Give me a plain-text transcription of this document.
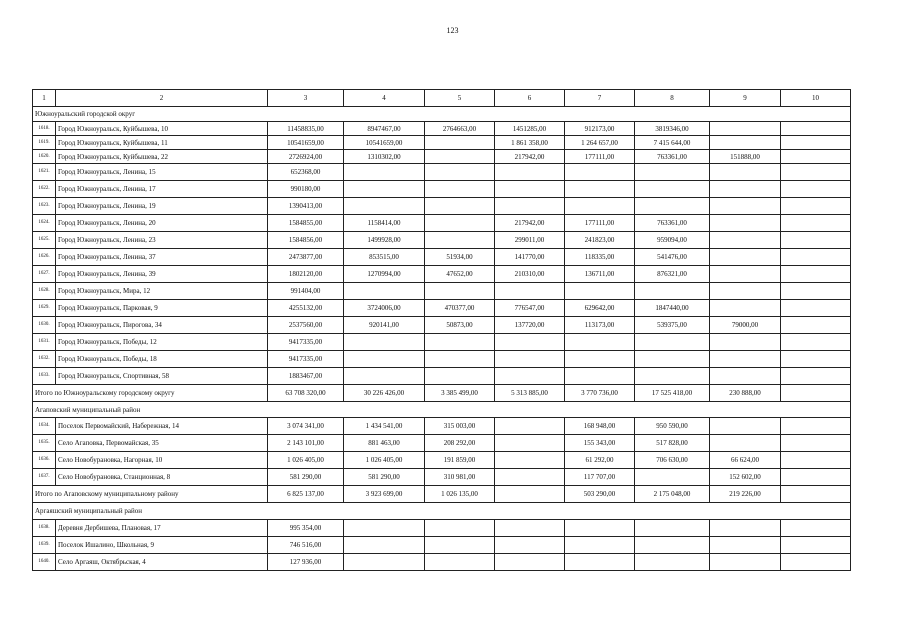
123
1	2	3	4	5	6	7	8	9	10
Южноуральский городской округ									
1618.	Город Южноуральск, Куйбышева, 10	11458835,00	8947467,00	2764663,00	1451285,00	912173,00	3819346,00		
1619.	Город Южноуральск, Куйбышева, 11	10541659,00	10541659,00		1 861 358,00	1 264 657,00	7 415 644,00		
1620.	Город Южноуральск, Куйбышева, 22	2726924,00	1310302,00		217942,00	177111,00	763361,00	151888,00	
1621.	Город Южноуральск, Ленина, 15	652368,00							
1622.	Город Южноуральск, Ленина, 17	990180,00							
1623.	Город Южноуральск, Ленина, 19	1390413,00							
1624.	Город Южноуральск, Ленина, 20	1584855,00	1158414,00		217942,00	177111,00	763361,00		
1625.	Город Южноуральск, Ленина, 23	1584856,00	1499928,00		299011,00	241823,00	959094,00		
1626.	Город Южноуральск, Ленина, 37	2473877,00	853515,00	51934,00	141770,00	118335,00	541476,00		
1627.	Город Южноуральск, Ленина, 39	1802120,00	1270994,00	47652,00	210310,00	136711,00	876321,00		
1628.	Город Южноуральск, Мира, 12	991404,00							
1629.	Город Южноуральск, Парковая, 9	4255132,00	3724006,00	470377,00	776547,00	629642,00	1847440,00		
1630.	Город Южноуральск, Пирогова, 34	2537560,00	920141,00	50873,00	137720,00	113173,00	539375,00	79000,00	
1631.	Город Южноуральск, Победы, 12	9417335,00							
1632.	Город Южноуральск, Победы, 18	9417335,00							
1633.	Город Южноуральск, Спортивная, 58	1883467,00							
Итого по Южноуральскому городскому округу		63 708 320,00	30 226 426,00	3 385 499,00	5 313 885,00	3 770 736,00	17 525 418,00	230 888,00	
Агаповский муниципальный район									
1634.	Поселок Первомайский, Набережная, 14	3 074 341,00	1 434 541,00	315 003,00		168 948,00	950 590,00		
1635.	Село Агаповка, Первомайская, 35	2 143 101,00	881 463,00	208 292,00		155 343,00	517 828,00		
1636.	Село Новобурановка, Нагорная, 10	1 026 405,00	1 026 405,00	191 859,00		61 292,00	706 630,00	66 624,00	
1637.	Село Новобурановка, Станционная, 8	581 290,00	581 290,00	310 981,00		117 707,00		152 602,00	
Итого по Агаповскому муниципальному району		6 825 137,00	3 923 699,00	1 026 135,00		503 290,00	2 175 048,00	219 226,00	
Аргаяшский муниципальный район									
1638.	Деревня Дербишева, Плановая, 17	995 354,00							
1639.	Поселок Ишалино, Школьная, 9	746 516,00							
1640.	Село Аргаяш, Октябрьская, 4	127 936,00							
